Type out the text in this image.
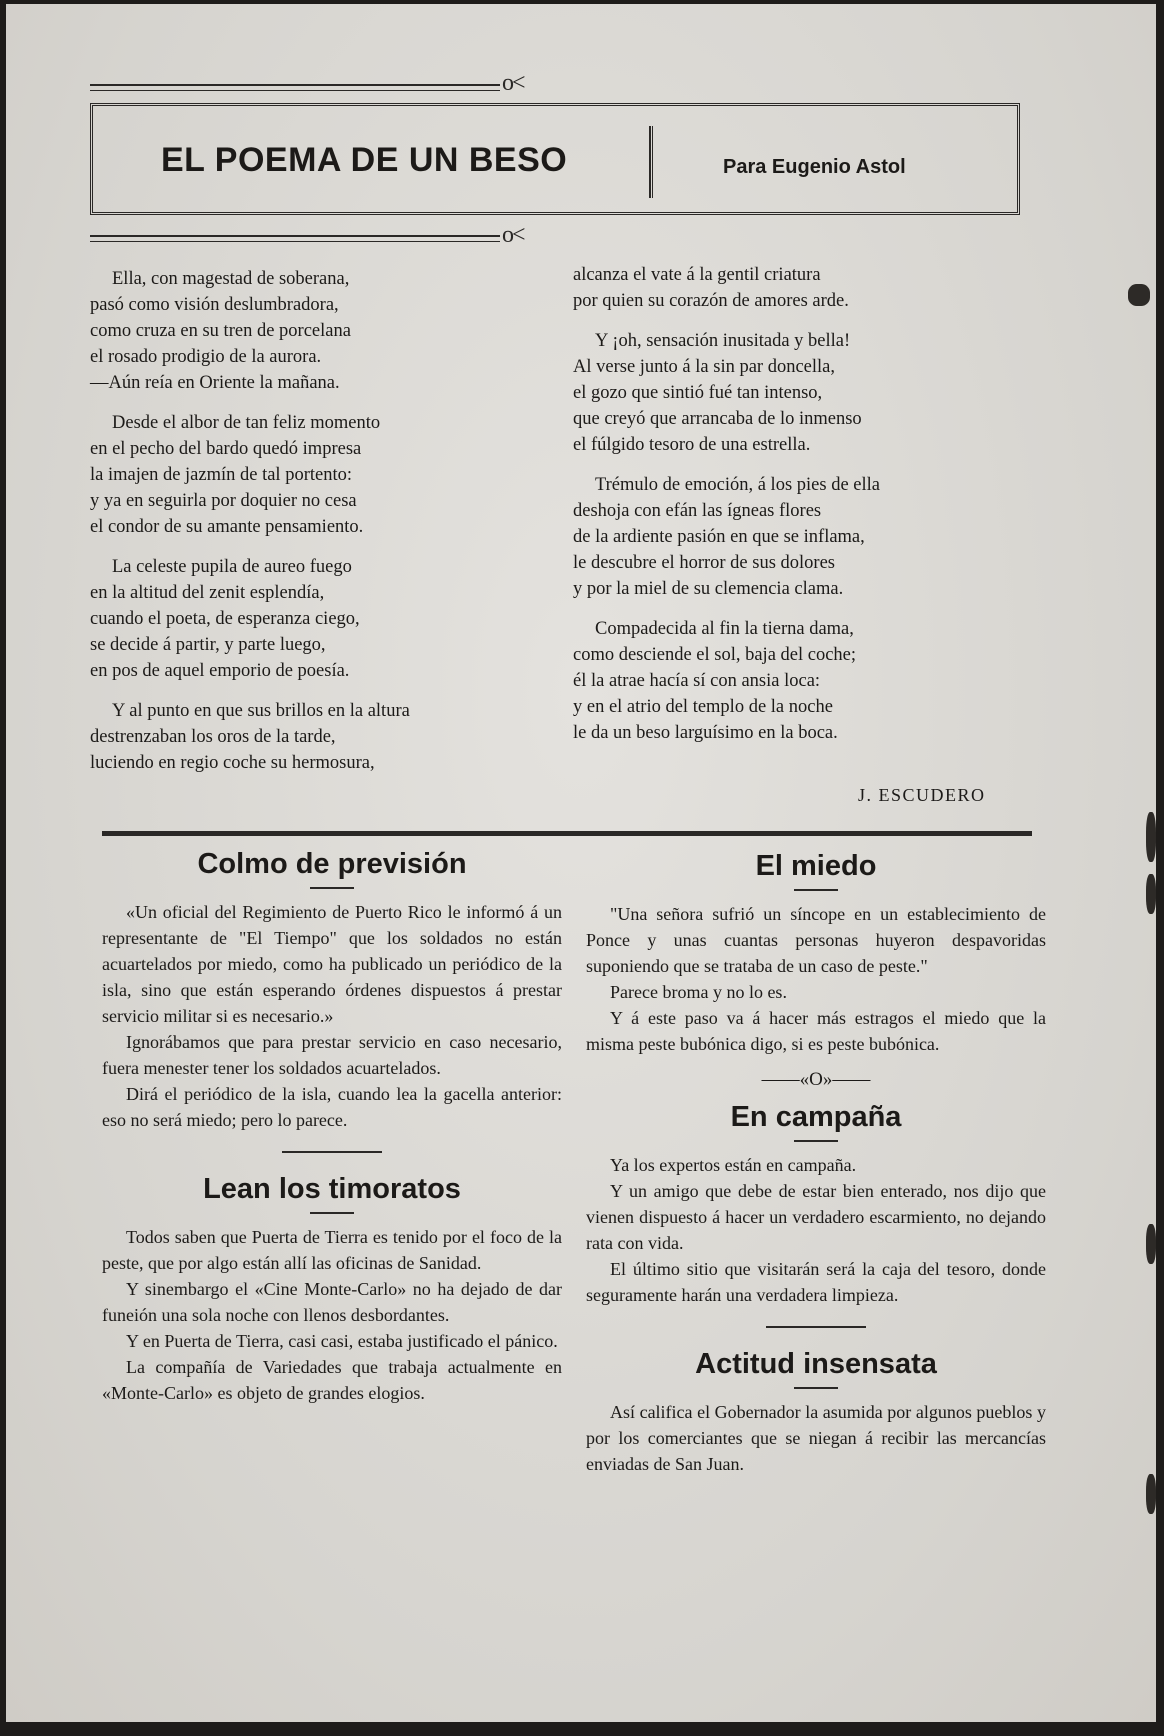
o<
EL POEMA DE UN BESO	Para Eugenio Astol
o<
Ella, con magestad de soberana,
pasó como visión deslumbradora,
como cruza en su tren de porcelana
el rosado prodigio de la aurora.
—Aún reía en Oriente la mañana.
Desde el albor de tan feliz momento
en el pecho del bardo quedó impresa
la imajen de jazmín de tal portento:
y ya en seguirla por doquier no cesa
el condor de su amante pensamiento.
La celeste pupila de aureo fuego
en la altitud del zenit esplendía,
cuando el poeta, de esperanza ciego,
se decide á partir, y parte luego,
en pos de aquel emporio de poesía.
Y al punto en que sus brillos en la altura
destrenzaban los oros de la tarde,
luciendo en regio coche su hermosura,
alcanza el vate á la gentil criatura
por quien su corazón de amores arde.
Y ¡oh, sensación inusitada y bella!
Al verse junto á la sin par doncella,
el gozo que sintió fué tan intenso,
que creyó que arrancaba de lo inmenso
el fúlgido tesoro de una estrella.
Trémulo de emoción, á los pies de ella
deshoja con efán las ígneas flores
de la ardiente pasión en que se inflama,
le descubre el horror de sus dolores
y por la miel de su clemencia clama.
Compadecida al fin la tierna dama,
como desciende el sol, baja del coche;
él la atrae hacía sí con ansia loca:
y en el atrio del templo de la noche
le da un beso larguísimo en la boca.
J. ESCUDERO
Colmo de previsión

«Un oficial del Regimiento de Puerto Rico le informó á un representante de "El Tiempo" que los soldados no están acuartelados por miedo, como ha publicado un periódico de la isla, sino que están esperando órdenes dispuestos á prestar servicio militar si es necesario.»

Ignorábamos que para prestar servicio en caso necesario, fuera menester tener los soldados acuartelados.

Dirá el periódico de la isla, cuando lea la gacella anterior: eso no será miedo; pero lo parece.

Lean los timoratos

Todos saben que Puerta de Tierra es tenido por el foco de la peste, que por algo están allí las oficinas de Sanidad.

Y sinembargo el «Cine Monte-Carlo» no ha dejado de dar funeión una sola noche con llenos desbordantes.

Y en Puerta de Tierra, casi casi, estaba justificado el pánico.

La compañía de Variedades que trabaja actualmente en «Monte-Carlo» es objeto de grandes elogios.

El miedo

"Una señora sufrió un síncope en un establecimiento de Ponce y unas cuantas personas huyeron despavoridas suponiendo que se trataba de un caso de peste."

Parece broma y no lo es.

Y á este paso va á hacer más estragos el miedo que la misma peste bubónica digo, si es peste bubónica.

——«O»——
En campaña

Ya los expertos están en campaña.

Y un amigo que debe de estar bien enterado, nos dijo que vienen dispuesto á hacer un verdadero escarmiento, no dejando rata con vida.

El último sitio que visitarán será la caja del tesoro, donde seguramente harán una verdadera limpieza.

Actitud insensata

Así califica el Gobernador la asumida por algunos pueblos y por los comerciantes que se niegan á recibir las mercancías enviadas de San Juan.
